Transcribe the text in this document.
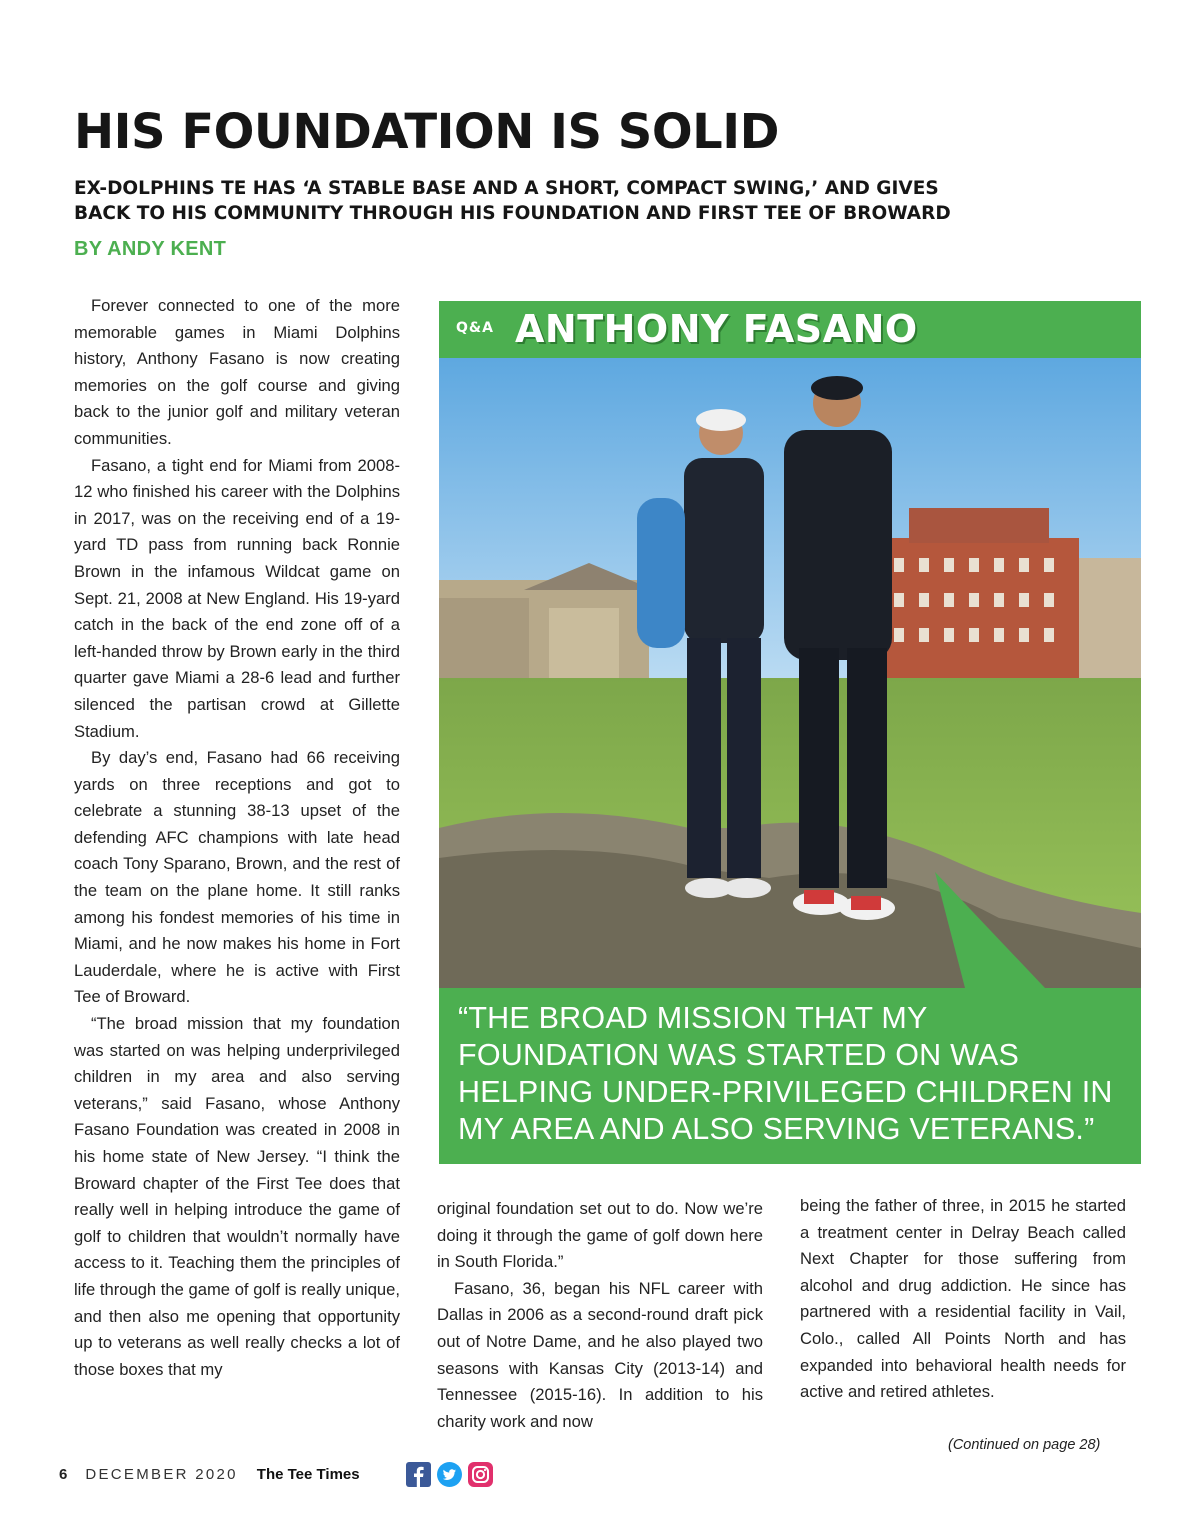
HIS FOUNDATION IS SOLID
EX-DOLPHINS TE HAS ‘A STABLE BASE AND A SHORT, COMPACT SWING,’ AND GIVES
BACK TO HIS COMMUNITY THROUGH HIS FOUNDATION AND FIRST TEE OF BROWARD
BY ANDY KENT

Forever connected to one of the more memorable games in Miami Dolphins history, Anthony Fasano is now creating memories on the golf course and giving back to the junior golf and military veteran communities.

Fasano, a tight end for Miami from 2008-12 who finished his career with the Dolphins in 2017, was on the receiving end of a 19-yard TD pass from running back Ronnie Brown in the infamous Wildcat game on Sept. 21, 2008 at New England. His 19-yard catch in the back of the end zone off of a left-handed throw by Brown early in the third quarter gave Miami a 28-6 lead and further silenced the partisan crowd at Gillette Stadium.

By day’s end, Fasano had 66 receiving yards on three receptions and got to celebrate a stunning 38-13 upset of the defending AFC champions with late head coach Tony Sparano, Brown, and the rest of the team on the plane home. It still ranks among his fondest memories of his time in Miami, and he now makes his home in Fort Lauderdale, where he is active with First Tee of Broward.

“The broad mission that my foundation was started on was helping underprivileged children in my area and also serving veterans,” said Fasano, whose Anthony Fasano Foundation was created in 2008 in his home state of New Jersey. “I think the Broward chapter of the First Tee does that really well in helping introduce the game of golf to children that wouldn’t normally have access to it. Teaching them the principles of life through the game of golf is really unique, and then also me opening that opportunity up to veterans as well really checks a lot of those boxes that my

Q&A ANTHONY FASANO
“THE BROAD MISSION THAT MY FOUNDATION WAS STARTED ON WAS HELPING UNDER-PRIVILEGED CHILDREN IN MY AREA AND ALSO SERVING VETERANS.”

original foundation set out to do. Now we’re doing it through the game of golf down here in South Florida.”

Fasano, 36, began his NFL career with Dallas in 2006 as a second-round draft pick out of Notre Dame, and he also played two seasons with Kansas City (2013-14) and Tennessee (2015-16). In addition to his charity work and now

being the father of three, in 2015 he started a treatment center in Delray Beach called Next Chapter for those suffering from alcohol and drug addiction. He since has partnered with a residential facility in Vail, Colo., called All Points North and has expanded into behavioral health needs for active and retired athletes.

(Continued on page 28)
6 DECEMBER 2020 The Tee Times
